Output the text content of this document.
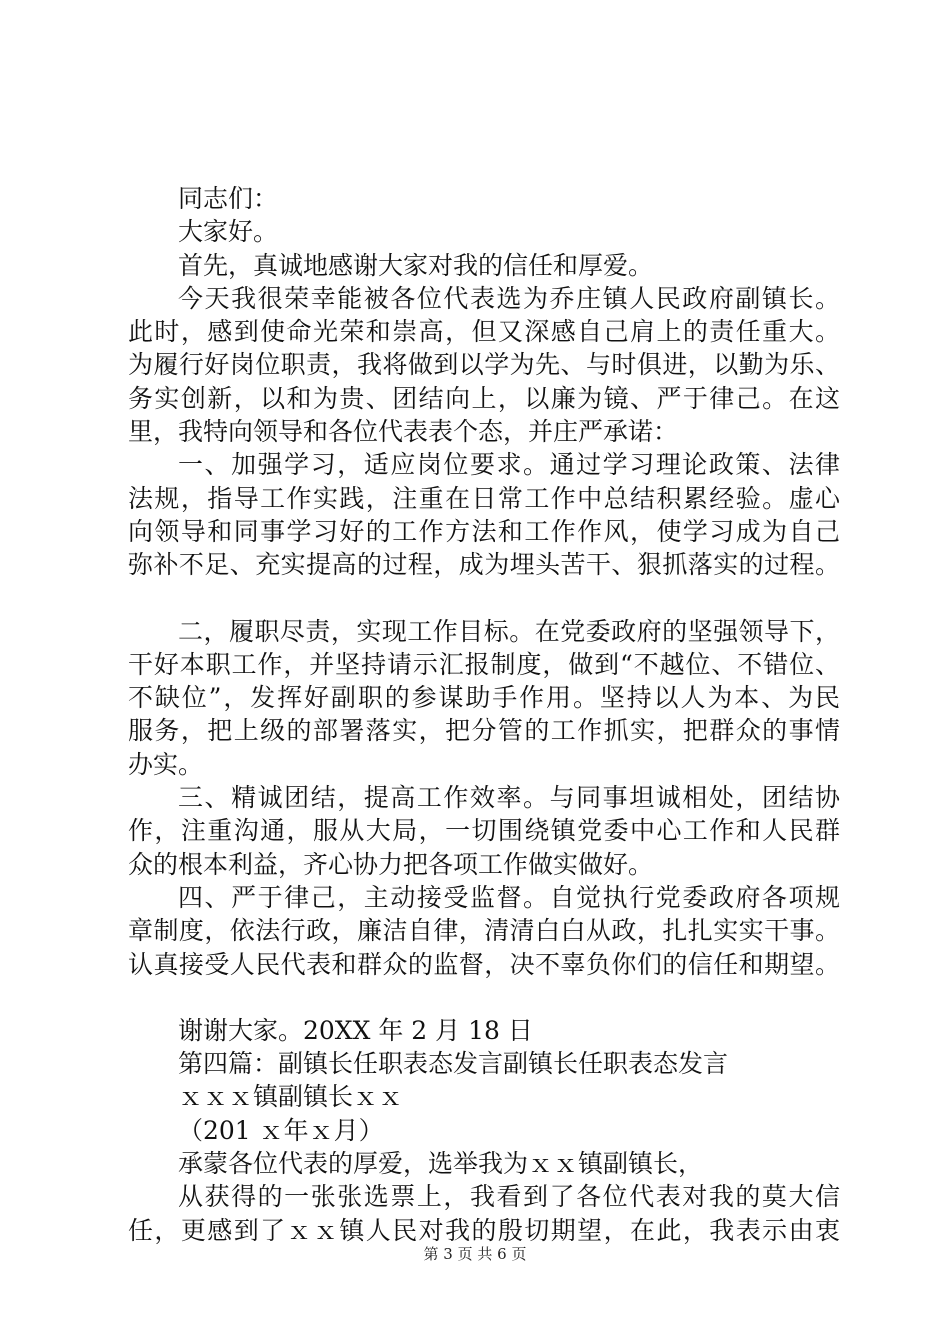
同志们：
大家好。
首先，真诚地感谢大家对我的信任和厚爱。
今天我很荣幸能被各位代表选为乔庄镇人民政府副镇长。
此时，感到使命光荣和崇高，但又深感自己肩上的责任重大。
为履行好岗位职责，我将做到以学为先、与时俱进，以勤为乐、
务实创新，以和为贵、团结向上，以廉为镜、严于律己。在这
里，我特向领导和各位代表表个态，并庄严承诺：
一、加强学习，适应岗位要求。通过学习理论政策、法律
法规，指导工作实践，注重在日常工作中总结积累经验。虚心
向领导和同事学习好的工作方法和工作作风，使学习成为自己
弥补不足、充实提高的过程，成为埋头苦干、狠抓落实的过程。
二，履职尽责，实现工作目标。在党委政府的坚强领导下，
干好本职工作，并坚持请示汇报制度，做到“不越位、不错位、
不缺位”，发挥好副职的参谋助手作用。坚持以人为本、为民
服务，把上级的部署落实，把分管的工作抓实，把群众的事情
办实。
三、精诚团结，提高工作效率。与同事坦诚相处，团结协
作，注重沟通，服从大局，一切围绕镇党委中心工作和人民群
众的根本利益，齐心协力把各项工作做实做好。
四、严于律己，主动接受监督。自觉执行党委政府各项规
章制度，依法行政，廉洁自律，清清白白从政，扎扎实实干事。
认真接受人民代表和群众的监督，决不辜负你们的信任和期望。
谢谢大家。20XX 年 2 月 18 日
第四篇：副镇长任职表态发言副镇长任职表态发言
ｘｘｘ镇副镇长ｘｘ
（201 ｘ年ｘ月）
承蒙各位代表的厚爱，选举我为ｘｘ镇副镇长，
从获得的一张张选票上，我看到了各位代表对我的莫大信
任，更感到了ｘｘ镇人民对我的殷切期望，在此，我表示由衷
第 3 页 共 6 页
